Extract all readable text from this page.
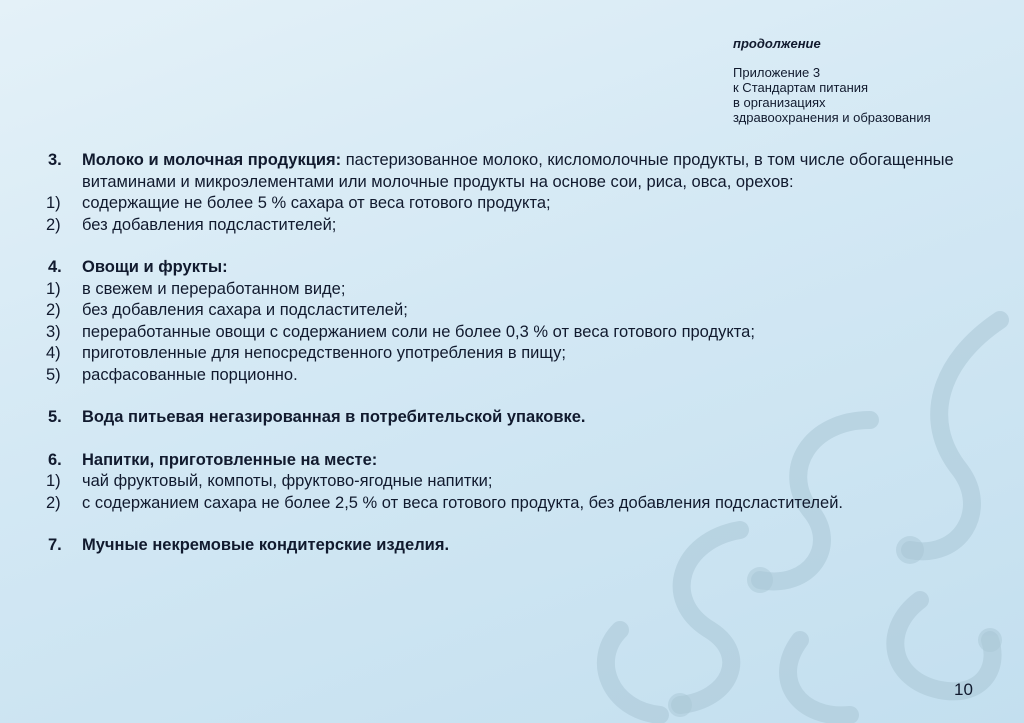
продолжение
Приложение 3
к Стандартам питания
в организациях
здравоохранения и образования
3. Молоко и молочная продукция: пастеризованное молоко, кисломолочные продукты, в том числе обогащенные витаминами и микроэлементами или молочные продукты на основе сои, риса, овса, орехов:
1) содержащие не более 5 % сахара от веса готового продукта;
2) без добавления подсластителей;
4. Овощи и фрукты:
1) в свежем и переработанном виде;
2) без добавления сахара и подсластителей;
3) переработанные овощи с содержанием соли не более 0,3 % от веса готового продукта;
4) приготовленные для непосредственного употребления в пищу;
5) расфасованные порционно.
5. Вода питьевая негазированная в потребительской упаковке.
6. Напитки, приготовленные на месте:
1) чай фруктовый, компоты, фруктово-ягодные напитки;
2) с содержанием сахара не более 2,5 % от веса готового продукта, без добавления подсластителей.
7. Мучные некремовые кондитерские изделия.
10
